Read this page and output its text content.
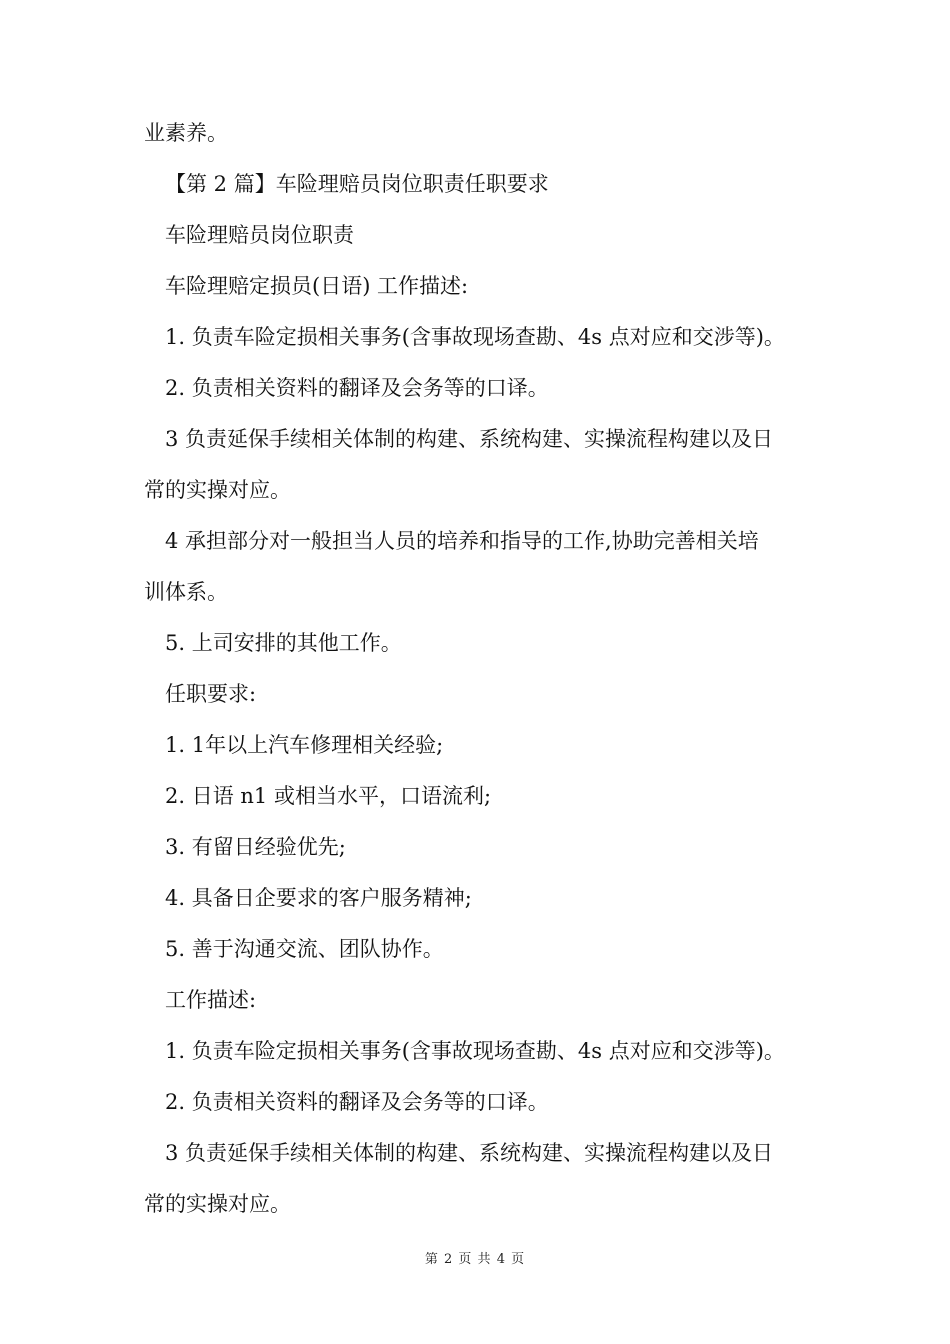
业素养。

【第 2 篇】车险理赔员岗位职责任职要求

车险理赔员岗位职责

车险理赔定损员(日语) 工作描述:

1. 负责车险定损相关事务(含事故现场查勘、4s 点对应和交涉等)。

2. 负责相关资料的翻译及会务等的口译。

3 负责延保手续相关体制的构建、系统构建、实操流程构建以及日

常的实操对应。

4 承担部分对一般担当人员的培养和指导的工作,协助完善相关培

训体系。

5. 上司安排的其他工作。

任职要求:

1. 1年以上汽车修理相关经验;

2. 日语 n1 或相当水平，口语流利;

3. 有留日经验优先;

4. 具备日企要求的客户服务精神;

5. 善于沟通交流、团队协作。

工作描述:

1. 负责车险定损相关事务(含事故现场查勘、4s 点对应和交涉等)。

2. 负责相关资料的翻译及会务等的口译。

3 负责延保手续相关体制的构建、系统构建、实操流程构建以及日

常的实操对应。

第 2 页 共 4 页
